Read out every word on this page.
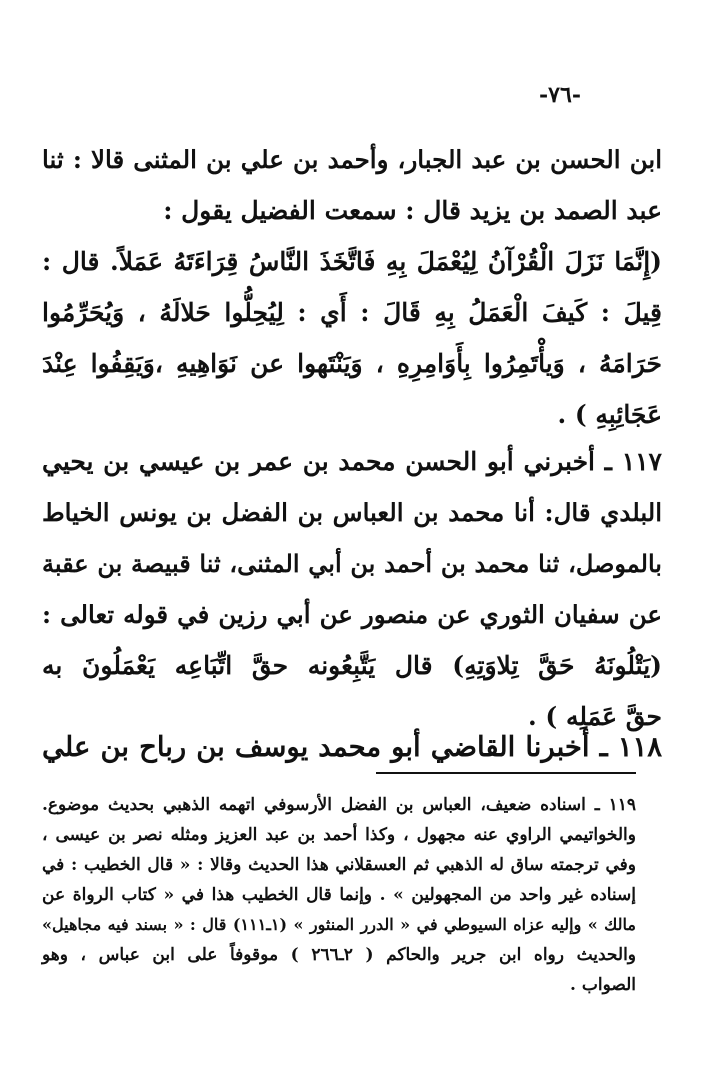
-٧٦-
ابن الحسن بن عبد الجبار، وأحمد بن علي بن المثنى قالا : ثنا
عبد الصمد بن يزيد قال : سمعت الفضيل يقول :
(إِنَّمَا نَزَلَ الْقُرْآنُ لِيُعْمَلَ بِهِ فَاتَّخَذَ النَّاسُ قِرَاءَتَهُ عَمَلاً. قال :
قِيلَ : كَيفَ الْعَمَلُ بِهِ قَالَ : أَي : لِيُحِلُّوا حَلالَهُ ، وَيُحَرِّمُوا
حَرَامَهُ ، وَيأْتَمِرُوا بِأَوَامِرِهِ ، وَيَنْتَهوا عن نَوَاهِيهِ ،وَيَقِفُوا عِنْدَ
عَجَائِبِهِ ) .
١١٧ ـ أخبرني أبو الحسن محمد بن عمر بن عيسي بن يحيي
البلدي قال: أنا محمد بن العباس بن الفضل بن يونس الخياط
بالموصل، ثنا محمد بن أحمد بن أبي المثنى، ثنا قبيصة بن عقبة
عن سفيان الثوري عن منصور عن أبي رزين في قوله تعالى :
(يَتْلُونَهُ حَقَّ تِلاوَتِهِ) قال يَتَّبِعُونه حقَّ اتِّبَاعِه يَعْمَلُونَ به
حقَّ عَمَلِه ) .
١١٨ ـ أخبرنا القاضي أبو محمد يوسف بن رباح بن علي
١١٩ ـ اسناده ضعيف، العباس بن الفضل الأرسوفي اتهمه الذهبي بحديث موضوع.
والخواتيمي الراوي عنه مجهول ، وكذا أحمد بن عبد العزيز ومثله نصر بن عيسى ،
وفي ترجمته ساق له الذهبي ثم العسقلاني هذا الحديث وقالا : « قال الخطيب : في
إسناده غير واحد من المجهولين » . وإنما قال الخطيب هذا في « كتاب الرواة عن
مالك » وإليه عزاه السيوطي في « الدرر المنثور » (١ـ١١١) قال : « بسند فيه مجاهيل»
والحديث رواه ابن جرير والحاكم ( ٢ـ٢٦٦ ) موقوفاً على ابن عباس ، وهو
الصواب .
